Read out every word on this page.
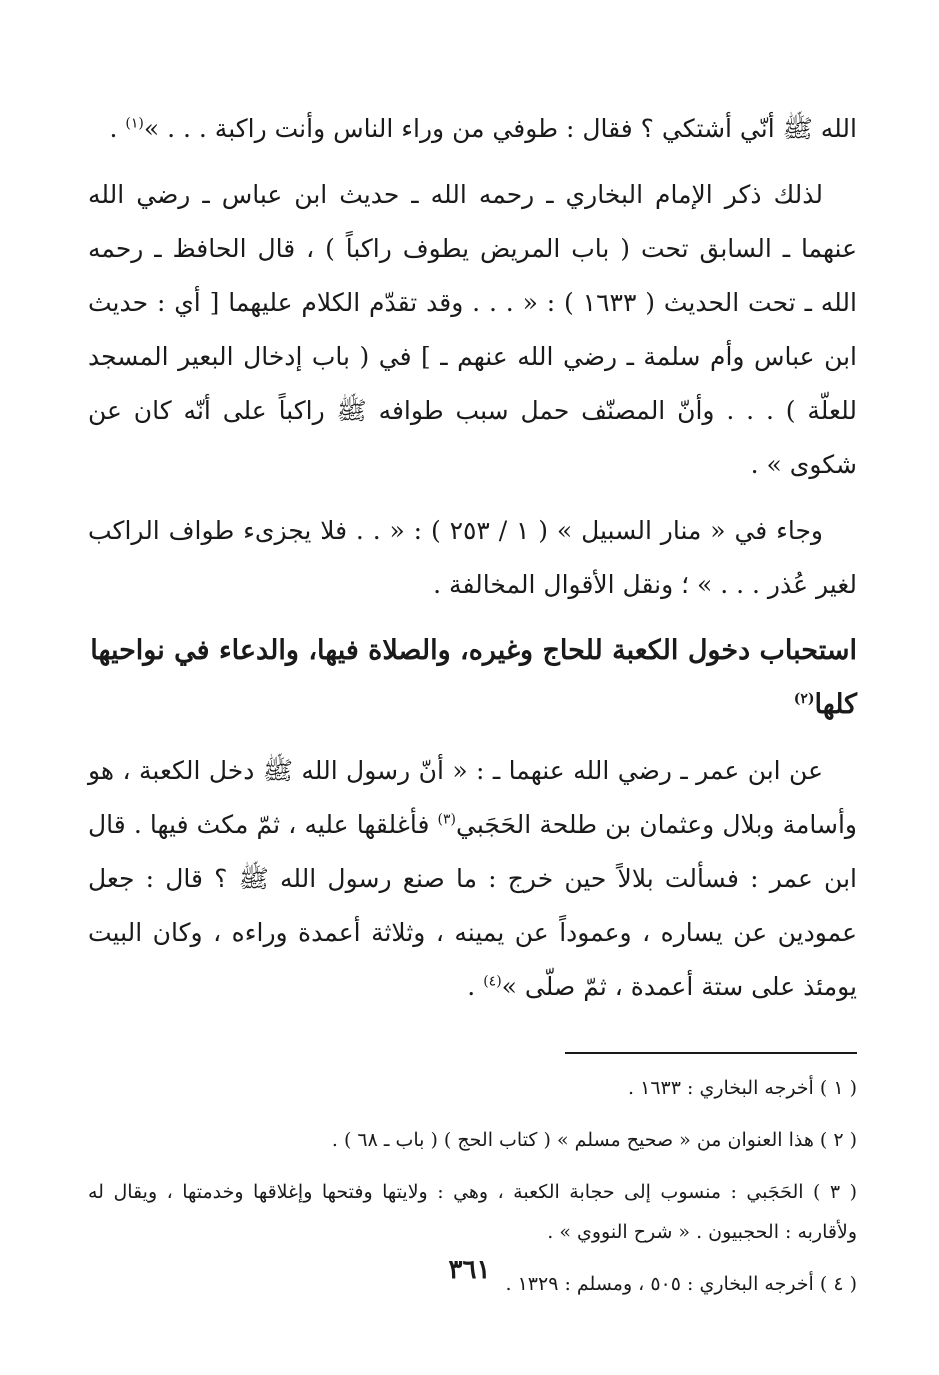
الله ﷺ أنّي أشتكي ؟ فقال : طوفي من وراء الناس وأنت راكبة . . . »$^{(١)}$ .

لذلك ذكر الإمام البخاري ـ رحمه الله ـ حديث ابن عباس ـ رضي الله عنهما ـ السابق تحت ( باب المريض يطوف راكباً ) ، قال الحافظ ـ رحمه الله ـ تحت الحديث ( ١٦٣٣ ) : « . . . وقد تقدّم الكلام عليهما [ أي : حديث ابن عباس وأم سلمة ـ رضي الله عنهم ـ ] في ( باب إدخال البعير المسجد للعلّة ) . . . وأنّ المصنّف حمل سبب طوافه ﷺ راكباً على أنّه كان عن شكوى » .

وجاء في « منار السبيل » ( ١ / ٢٥٣ ) : « . . فلا يجزىء طواف الراكب لغير عُذر . . . » ؛ ونقل الأقوال المخالفة .

استحباب دخول الكعبة للحاج وغيره، والصلاة فيها، والدعاء في نواحيها كلها$^{(٢)}$

عن ابن عمر ـ رضي الله عنهما ـ : « أنّ رسول الله ﷺ دخل الكعبة ، هو وأسامة وبلال وعثمان بن طلحة الحَجَبي$^{(٣)}$ فأغلقها عليه ، ثمّ مكث فيها . قال ابن عمر : فسألت بلالاً حين خرج : ما صنع رسول الله ﷺ ؟ قال : جعل عمودين عن يساره ، وعموداً عن يمينه ، وثلاثة أعمدة وراءه ، وكان البيت يومئذ على ستة أعمدة ، ثمّ صلّى »$^{(٤)}$ .

( ١ ) أخرجه البخاري : ١٦٣٣ .

( ٢ ) هذا العنوان من « صحيح مسلم » ( كتاب الحج ) ( باب ـ ٦٨ ) .

( ٣ ) الحَجَبي : منسوب إلى حجابة الكعبة ، وهي : ولايتها وفتحها وإغلاقها وخدمتها ، ويقال له ولأقاربه : الحجبيون . « شرح النووي » .

( ٤ ) أخرجه البخاري : ٥٠٥ ، ومسلم : ١٣٢٩ .

٣٦١
